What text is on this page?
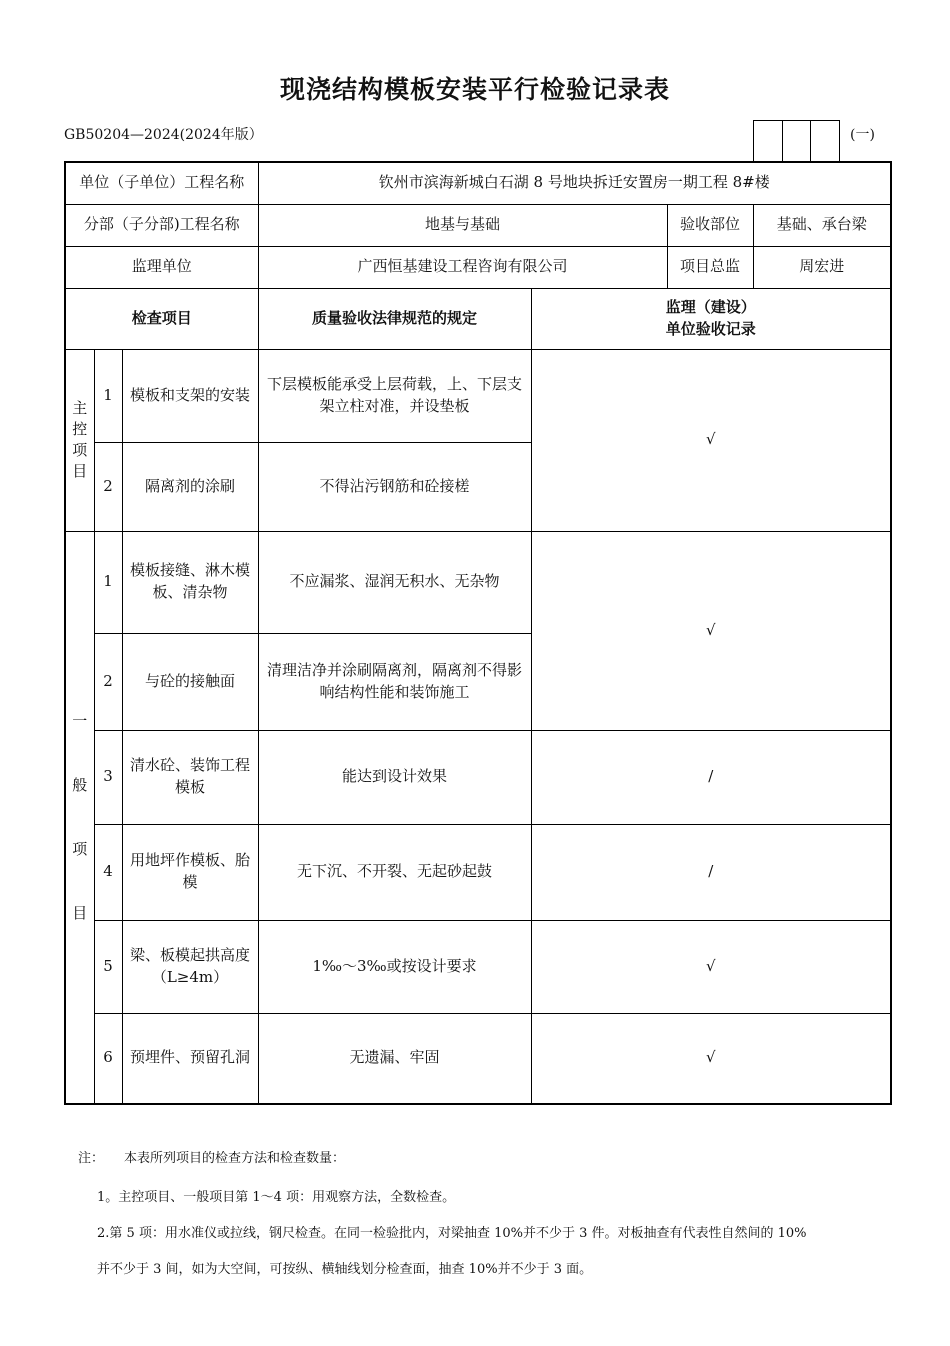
现浇结构模板安装平行检验记录表
GB50204—2024(2024年版）	(一)
单位（子单位）工程名称			钦州市滨海新城白石湖 8 号地块拆迁安置房一期工程 8#楼			
分部（子分部)工程名称			地基与基础		验收部位	基础、承台梁
监理单位			广西恒基建设工程咨询有限公司		项目总监	周宏进
检查项目			质量验收法律规范的规定	监理（建设）
单位验收记录		

主
控
项
目	1	模板和支架的安装	下层模板能承受上层荷载，上、下层支架立柱对准，并设垫板	√		
	2	隔离剂的涂刷	不得沾污钢筋和砼接槎			

一
般
项
目	1	模板接缝、淋木模板、清杂物	不应漏浆、湿润无积水、无杂物	√		
	2	与砼的接触面	清理洁净并涂刷隔离剂，隔离剂不得影响结构性能和装饰施工			
	3	清水砼、装饰工程模板	能达到设计效果	/		
	4	用地坪作模板、胎模	无下沉、不开裂、无起砂起鼓	/		
	5	梁、板模起拱高度（L≥4m）	1‰～3‰或按设计要求	√		
	6	预埋件、预留孔洞	无遗漏、牢固	√		
注： 本表所列项目的检查方法和检查数量：
1。主控项目、一般项目第 1～4 项：用观察方法，全数检查。
2.第 5 项：用水准仪或拉线，钢尺检查。在同一检验批内，对梁抽查 10%并不少于 3 件。对板抽查有代表性自然间的 10%
并不少于 3 间，如为大空间，可按纵、横轴线划分检查面，抽查 10%并不少于 3 面。
